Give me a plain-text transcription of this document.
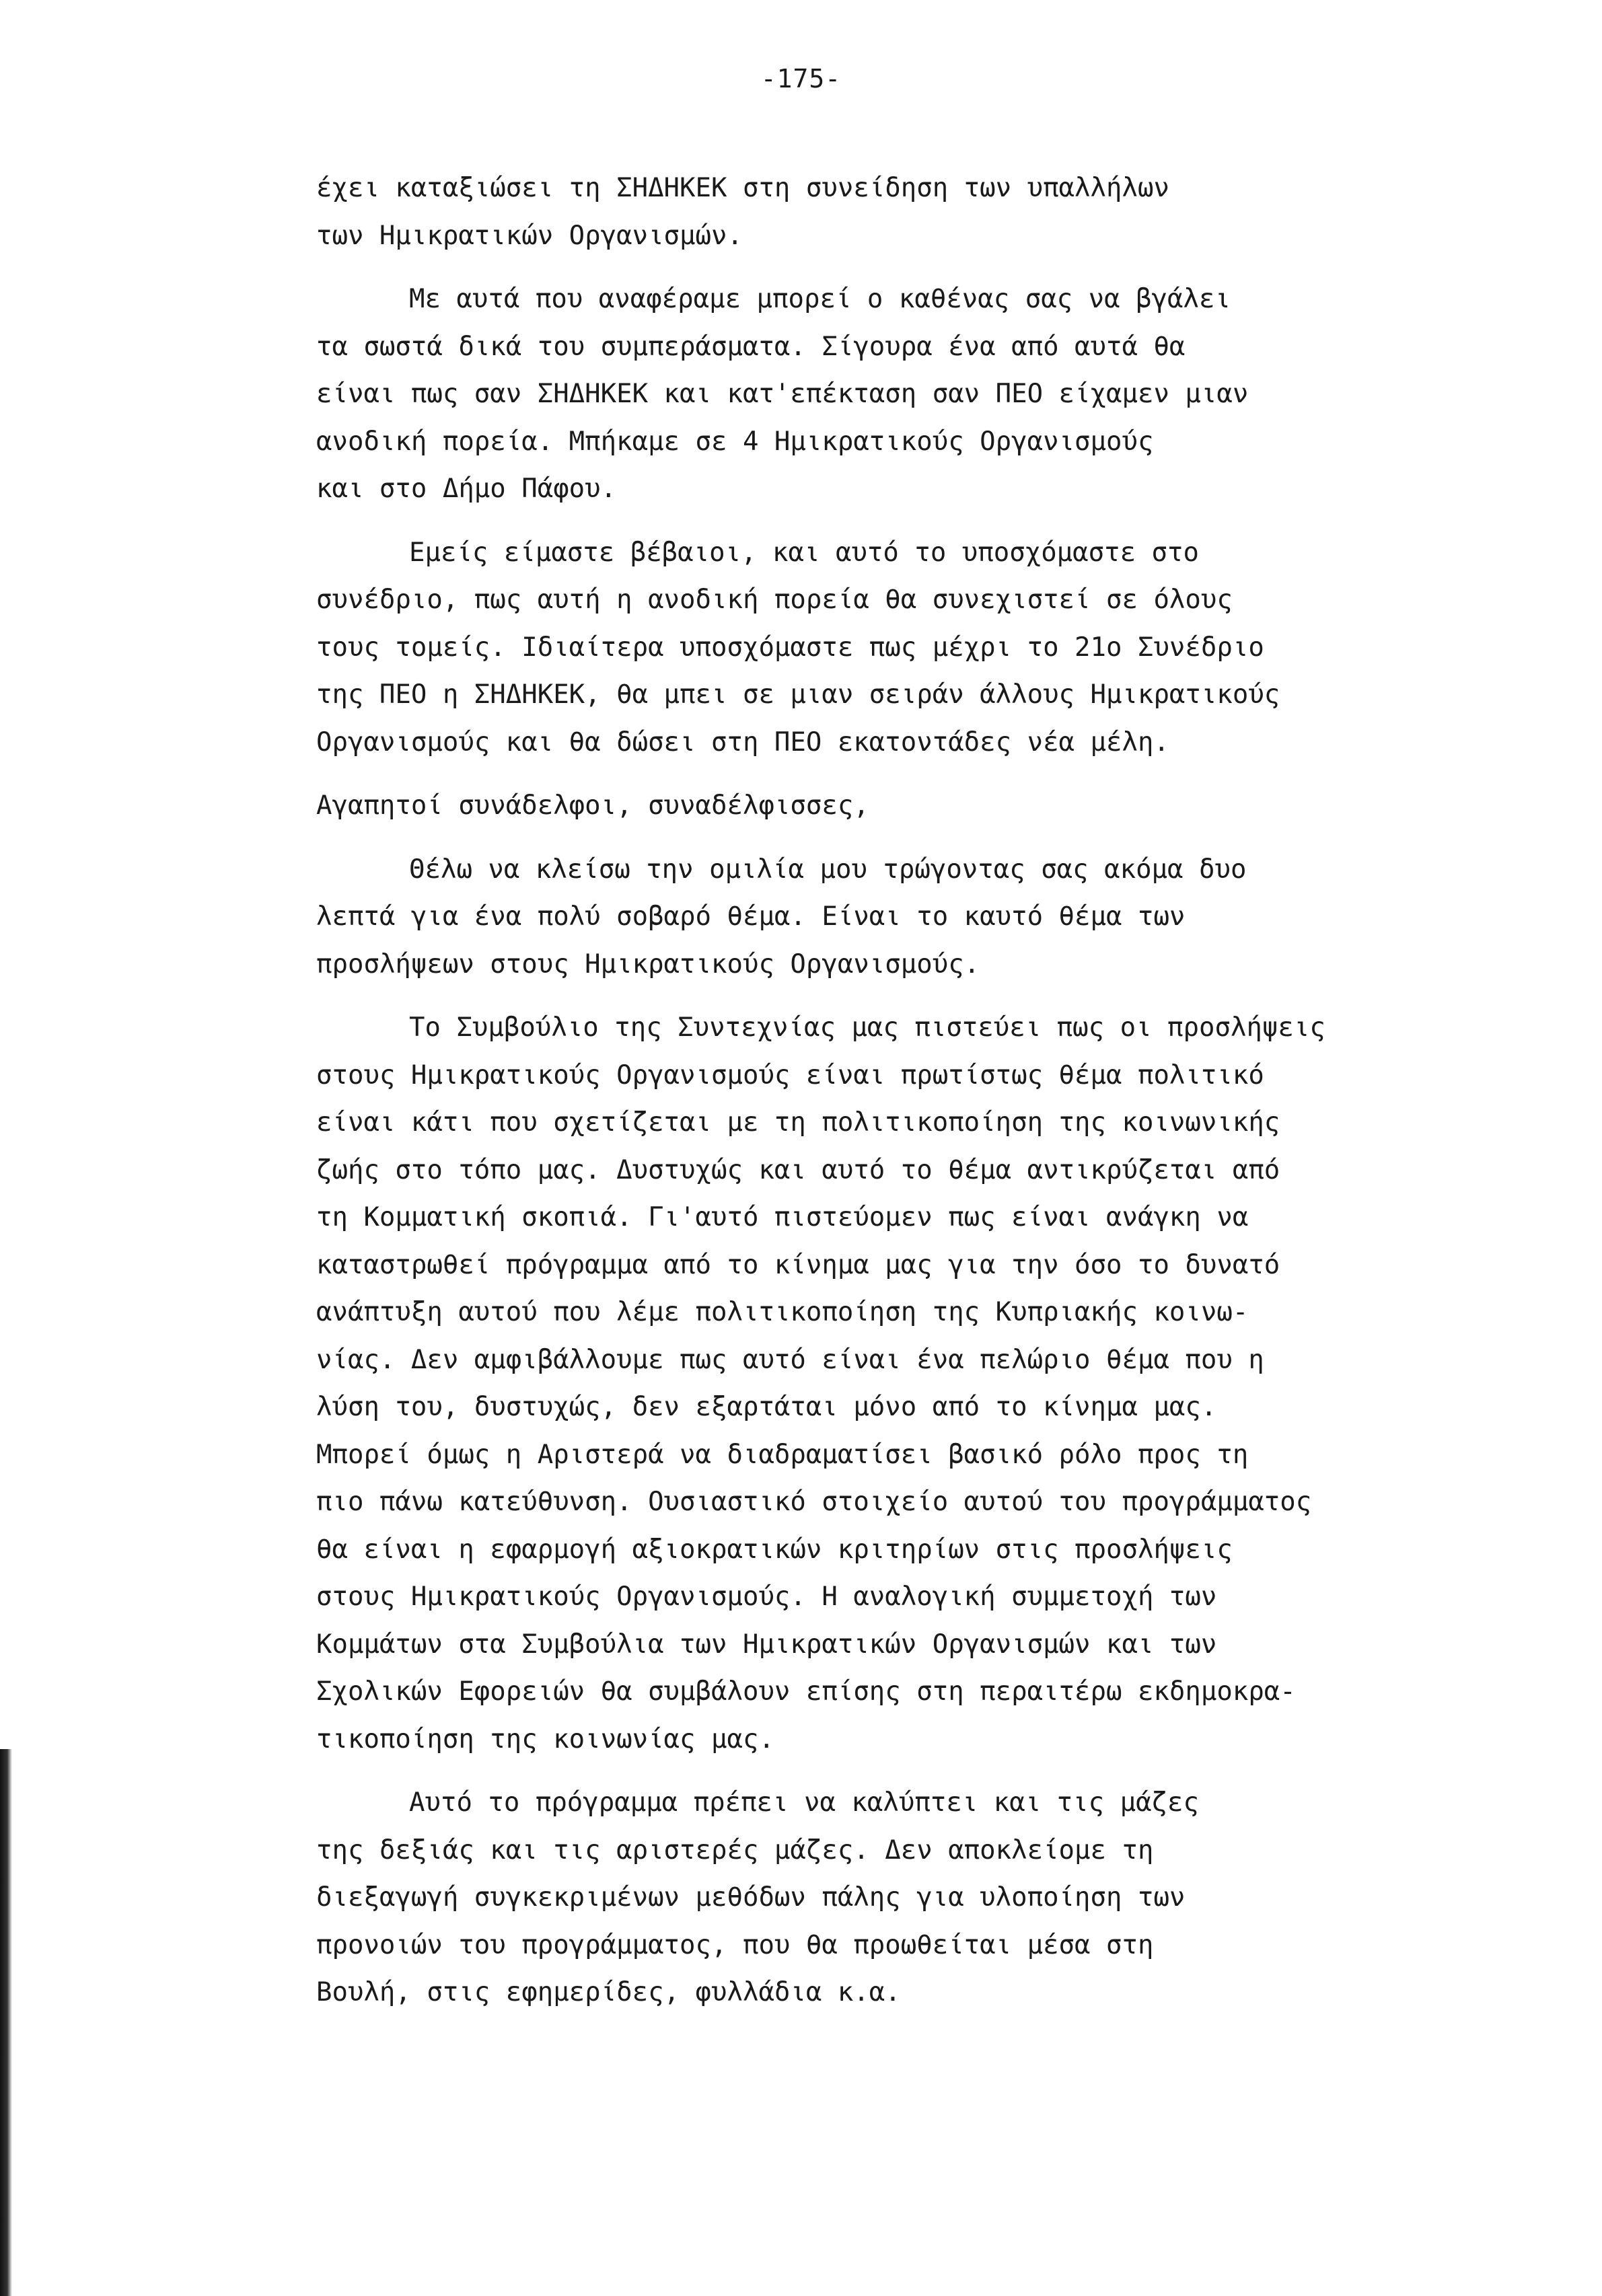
-175-
έχει καταξιώσει τη ΣΗΔΗΚΕΚ στη συνείδηση των υπαλλήλων
των Ημικρατικών Οργανισμών.
Με αυτά που αναφέραμε μπορεί ο καθένας σας να βγάλει
τα σωστά δικά του συμπεράσματα. Σίγουρα ένα από αυτά θα
είναι πως σαν ΣΗΔΗΚΕΚ και κατ'επέκταση σαν ΠΕΟ είχαμεν μιαν
ανοδική πορεία. Μπήκαμε σε 4 Ημικρατικούς Οργανισμούς
και στο Δήμο Πάφου.
Εμείς είμαστε βέβαιοι, και αυτό το υποσχόμαστε στο
συνέδριο, πως αυτή η ανοδική πορεία θα συνεχιστεί σε όλους
τους τομείς. Ιδιαίτερα υποσχόμαστε πως μέχρι το 21ο Συνέδριο
της ΠΕΟ η ΣΗΔΗΚΕΚ, θα μπει σε μιαν σειράν άλλους Ημικρατικούς
Οργανισμούς και θα δώσει στη ΠΕΟ εκατοντάδες νέα μέλη.
Αγαπητοί συνάδελφοι, συναδέλφισσες,
Θέλω να κλείσω την ομιλία μου τρώγοντας σας ακόμα δυο
λεπτά για ένα πολύ σοβαρό θέμα. Είναι το καυτό θέμα των
προσλήψεων στους Ημικρατικούς Οργανισμούς.
Το Συμβούλιο της Συντεχνίας μας πιστεύει πως οι προσλήψεις
στους Ημικρατικούς Οργανισμούς είναι πρωτίστως θέμα πολιτικό
είναι κάτι που σχετίζεται με τη πολιτικοποίηση της κοινωνικής
ζωής στο τόπο μας. Δυστυχώς και αυτό το θέμα αντικρύζεται από
τη Κομματική σκοπιά. Γι'αυτό πιστεύομεν πως είναι ανάγκη να
καταστρωθεί πρόγραμμα από το κίνημα μας για την όσο το δυνατό
ανάπτυξη αυτού που λέμε πολιτικοποίηση της Κυπριακής κοινω-
νίας. Δεν αμφιβάλλουμε πως αυτό είναι ένα πελώριο θέμα που η
λύση του, δυστυχώς, δεν εξαρτάται μόνο από το κίνημα μας.
Μπορεί όμως η Αριστερά να διαδραματίσει βασικό ρόλο προς τη
πιο πάνω κατεύθυνση. Ουσιαστικό στοιχείο αυτού του προγράμματος
θα είναι η εφαρμογή αξιοκρατικών κριτηρίων στις προσλήψεις
στους Ημικρατικούς Οργανισμούς. Η αναλογική συμμετοχή των
Κομμάτων στα Συμβούλια των Ημικρατικών Οργανισμών και των
Σχολικών Εφορειών θα συμβάλουν επίσης στη περαιτέρω εκδημοκρα-
τικοποίηση της κοινωνίας μας.
Αυτό το πρόγραμμα πρέπει να καλύπτει και τις μάζες
της δεξιάς και τις αριστερές μάζες. Δεν αποκλείομε τη
διεξαγωγή συγκεκριμένων μεθόδων πάλης για υλοποίηση των
προνοιών του προγράμματος, που θα προωθείται μέσα στη
Βουλή, στις εφημερίδες, φυλλάδια κ.α.
